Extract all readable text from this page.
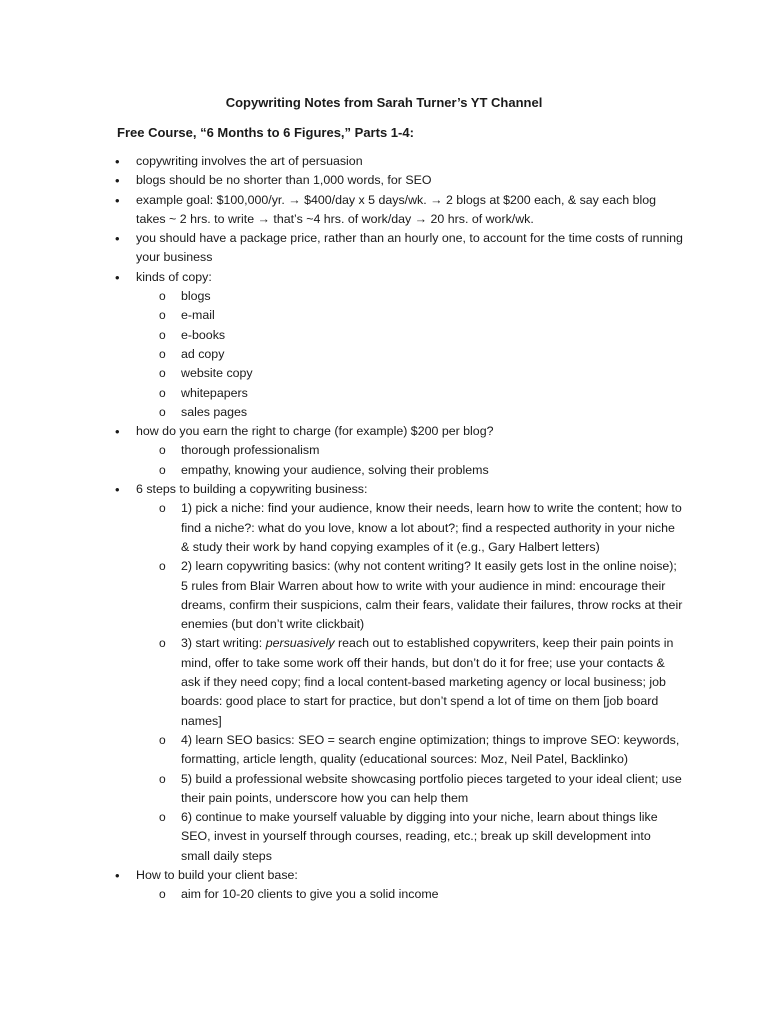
Copywriting Notes from Sarah Turner’s YT Channel
Free Course, “6 Months to 6 Figures,” Parts 1-4:
• copywriting involves the art of persuasion
• blogs should be no shorter than 1,000 words, for SEO
• example goal: $100,000/yr. → $400/day x 5 days/wk. → 2 blogs at $200 each, & say each blog takes ~ 2 hrs. to write → that’s ~4 hrs. of work/day → 20 hrs. of work/wk.
• you should have a package price, rather than an hourly one, to account for the time costs of running your business
• kinds of copy:
o blogs
o e-mail
o e-books
o ad copy
o website copy
o whitepapers
o sales pages
• how do you earn the right to charge (for example) $200 per blog?
o thorough professionalism
o empathy, knowing your audience, solving their problems
• 6 steps to building a copywriting business:
o 1) pick a niche: find your audience, know their needs, learn how to write the content; how to find a niche?: what do you love, know a lot about?; find a respected authority in your niche & study their work by hand copying examples of it (e.g., Gary Halbert letters)
o 2) learn copywriting basics: (why not content writing? It easily gets lost in the online noise); 5 rules from Blair Warren about how to write with your audience in mind: encourage their dreams, confirm their suspicions, calm their fears, validate their failures, throw rocks at their enemies (but don’t write clickbait)
o 3) start writing: persuasively reach out to established copywriters, keep their pain points in mind, offer to take some work off their hands, but don’t do it for free; use your contacts & ask if they need copy; find a local content-based marketing agency or local business; job boards: good place to start for practice, but don’t spend a lot of time on them [job board names]
o 4) learn SEO basics: SEO = search engine optimization; things to improve SEO: keywords, formatting, article length, quality (educational sources: Moz, Neil Patel, Backlinko)
o 5) build a professional website showcasing portfolio pieces targeted to your ideal client; use their pain points, underscore how you can help them
o 6) continue to make yourself valuable by digging into your niche, learn about things like SEO, invest in yourself through courses, reading, etc.; break up skill development into small daily steps
• How to build your client base:
o aim for 10-20 clients to give you a solid income
